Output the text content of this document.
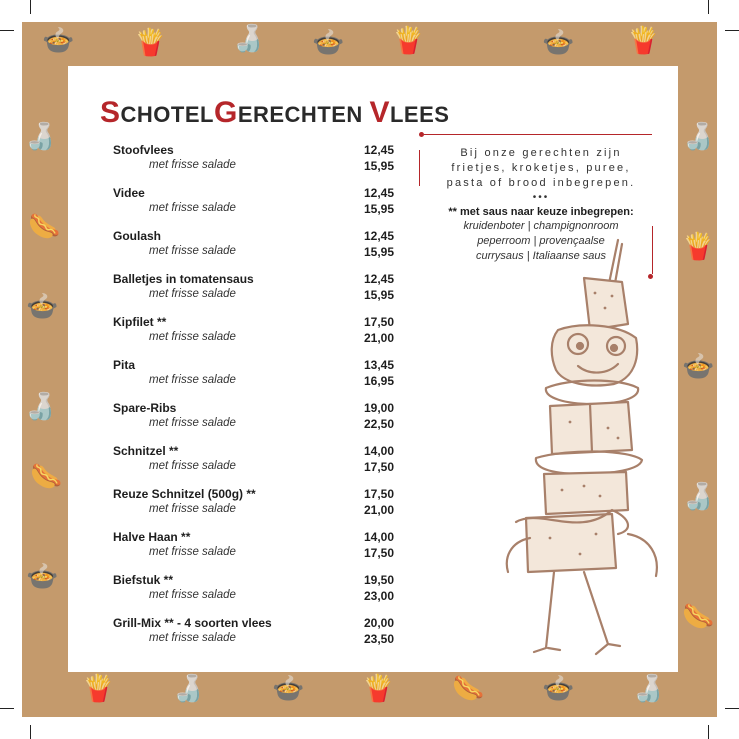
🍲 🍟	🍶 🍲 🍟	🍲 🍟
🍶
🌭
🍲
🍶
🌭
🍲
🍶
🍟
🍲
🍶
🌭
🍟 🍶	🍲 🍟 🌭 🍲 🍶
SCHOTELGERECHTEN VLEES
Stoofvlees	12,45
met frisse salade	15,95
Videe	12,45
met frisse salade	15,95
Goulash	12,45
met frisse salade	15,95
Balletjes in tomatensaus	12,45
met frisse salade	15,95
Kipfilet **	17,50
met frisse salade	21,00
Pita	13,45
met frisse salade	16,95
Spare-Ribs	19,00
met frisse salade	22,50
Schnitzel **	14,00
met frisse salade	17,50
Reuze Schnitzel (500g) **	17,50
met frisse salade	21,00
Halve Haan **	14,00
met frisse salade	17,50
Biefstuk **	19,50
met frisse salade	23,00
Grill-Mix ** - 4 soorten vlees	20,00
met frisse salade	23,50
Bij onze gerechten zijn
frietjes, kroketjes, puree,
pasta of brood inbegrepen.
•••
** met saus naar keuze inbegrepen:
kruidenboter | champignonroom
peperroom | provençaalse
currysaus | Italiaanse saus
